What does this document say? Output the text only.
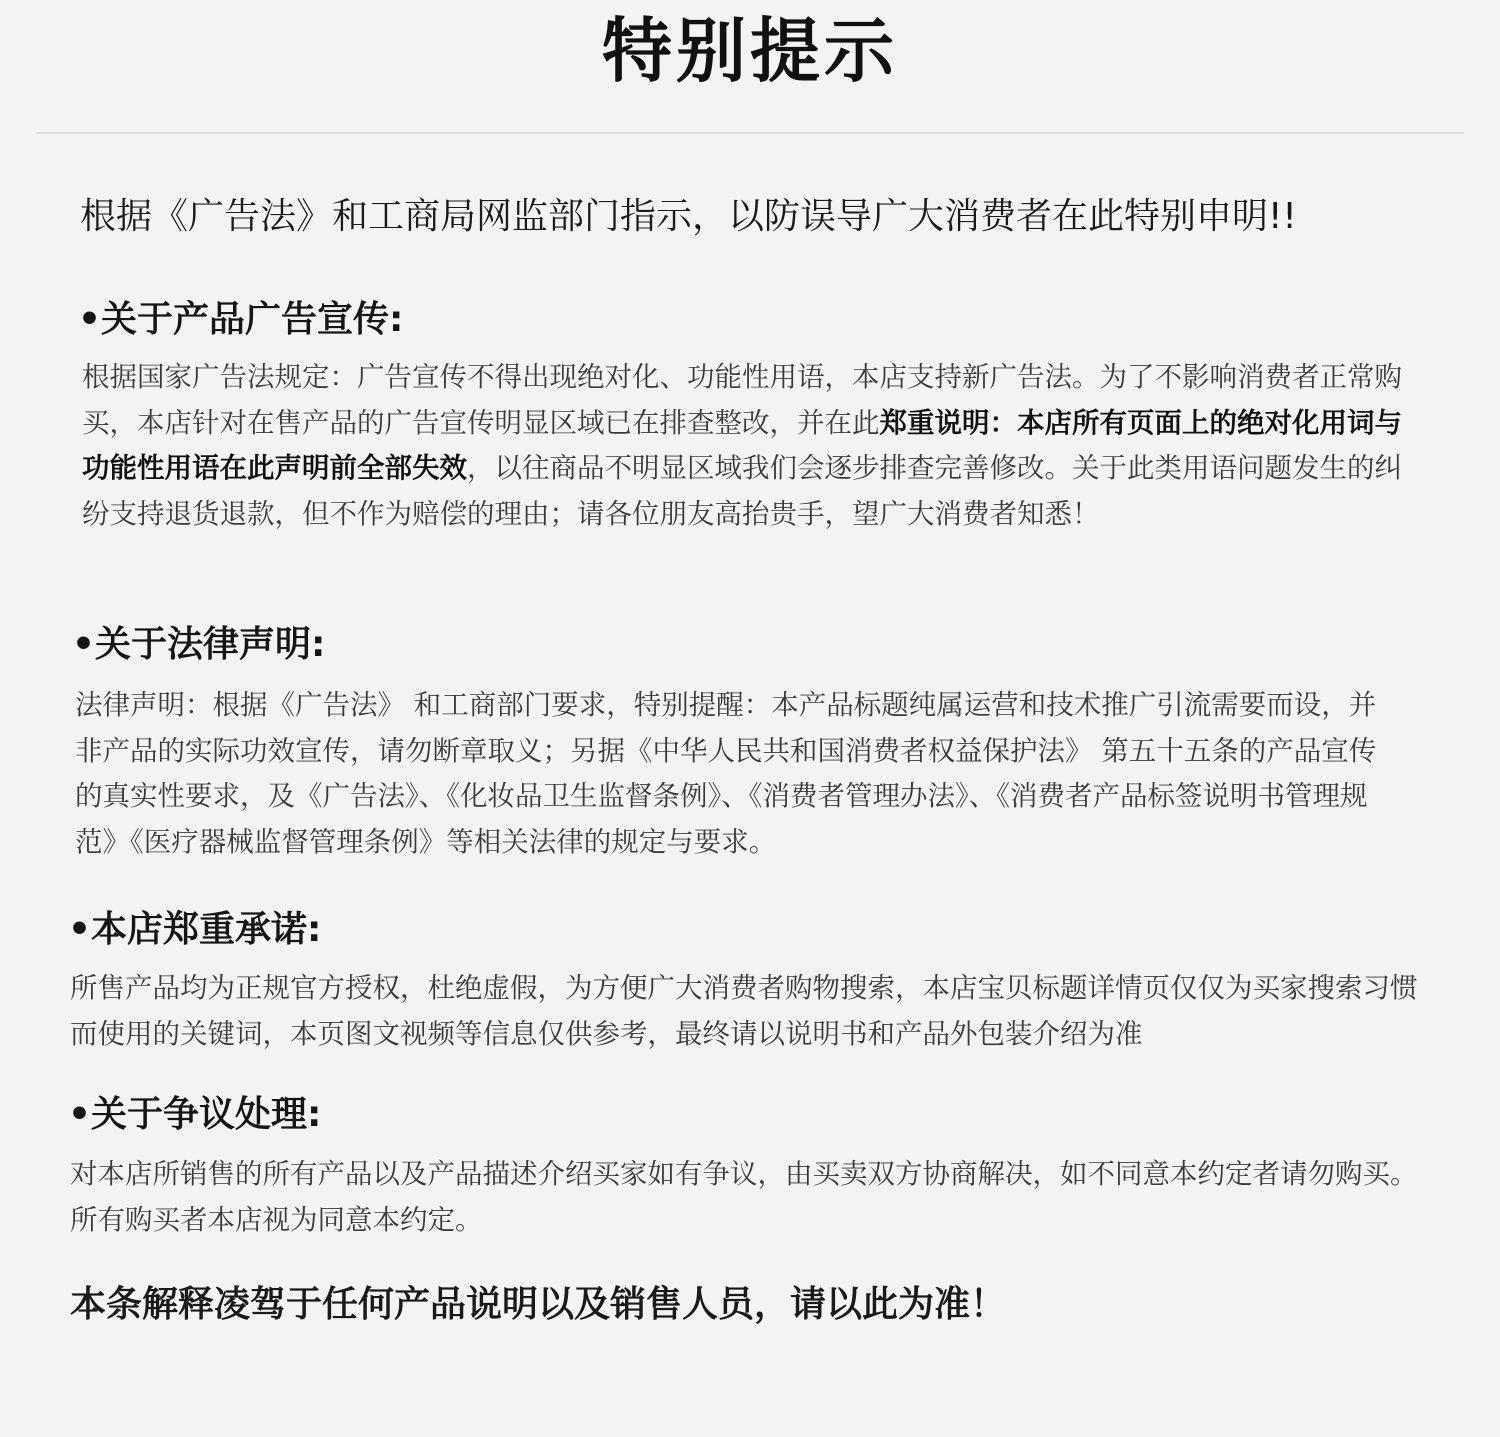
特别提示
根据《广告法》和工商局网监部门指示，以防误导广大消费者在此特别申明!!
•关于产品广告宣传:
根据国家广告法规定：广告宣传不得出现绝对化、功能性用语，本店支持新广告法。为了不影响消费者正常购买，本店针对在售产品的广告宣传明显区域已在排查整改，并在此郑重说明：本店所有页面上的绝对化用词与功能性用语在此声明前全部失效，以往商品不明显区域我们会逐步排查完善修改。关于此类用语问题发生的纠纷支持退货退款，但不作为赔偿的理由；请各位朋友高抬贵手，望广大消费者知悉！
•关于法律声明:
法律声明：根据《广告法》 和工商部门要求，特别提醒：本产品标题纯属运营和技术推广引流需要而设，并非产品的实际功效宣传，请勿断章取义；另据《中华人民共和国消费者权益保护法》 第五十五条的产品宣传的真实性要求，及《广告法》、《化妆品卫生监督条例》、《消费者管理办法》、《消费者产品标签说明书管理规范》《医疗器械监督管理条例》等相关法律的规定与要求。
•本店郑重承诺:
所售产品均为正规官方授权，杜绝虚假，为方便广大消费者购物搜索，本店宝贝标题详情页仅仅为买家搜索习惯而使用的关键词，本页图文视频等信息仅供参考，最终请以说明书和产品外包装介绍为准
•关于争议处理:
对本店所销售的所有产品以及产品描述介绍买家如有争议，由买卖双方协商解决，如不同意本约定者请勿购买。所有购买者本店视为同意本约定。
本条解释凌驾于任何产品说明以及销售人员，请以此为准！
